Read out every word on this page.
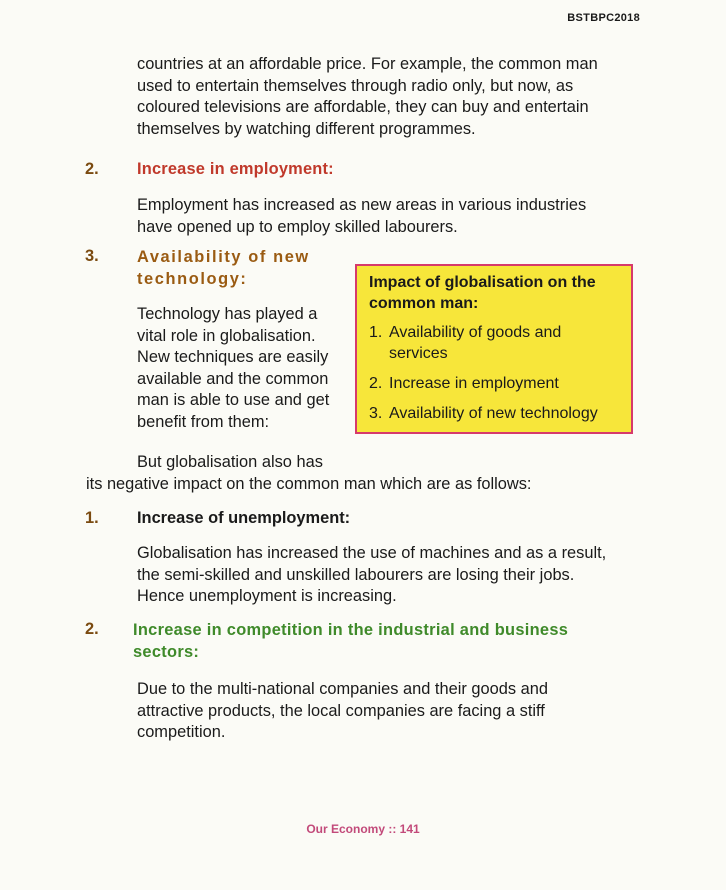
BSTBPC2018
countries at an affordable price. For example, the common man
used to entertain themselves through radio only, but now, as
coloured televisions are affordable, they can buy and entertain
themselves by watching different programmes.
2. Increase in employment:
Employment has increased as new areas in various industries
have opened up to employ skilled labourers.
3. Availability of new
technology:
Technology has played a
vital role in globalisation.
New techniques are easily
available and the common
man is able to use and get
benefit from them:
Impact of globalisation on the
common man:
1. Availability of goods and
services
2. Increase in employment
3. Availability of new technology
But globalisation also has
its negative impact on the common man which are as follows:
1. Increase of unemployment:
Globalisation has increased the use of machines and as a result,
the semi-skilled and unskilled labourers are losing their jobs.
Hence unemployment is increasing.
2. Increase in competition in the industrial and business
sectors:
Due to the multi-national companies and their goods and
attractive products, the local companies are facing a stiff
competition.
Our Economy :: 141
